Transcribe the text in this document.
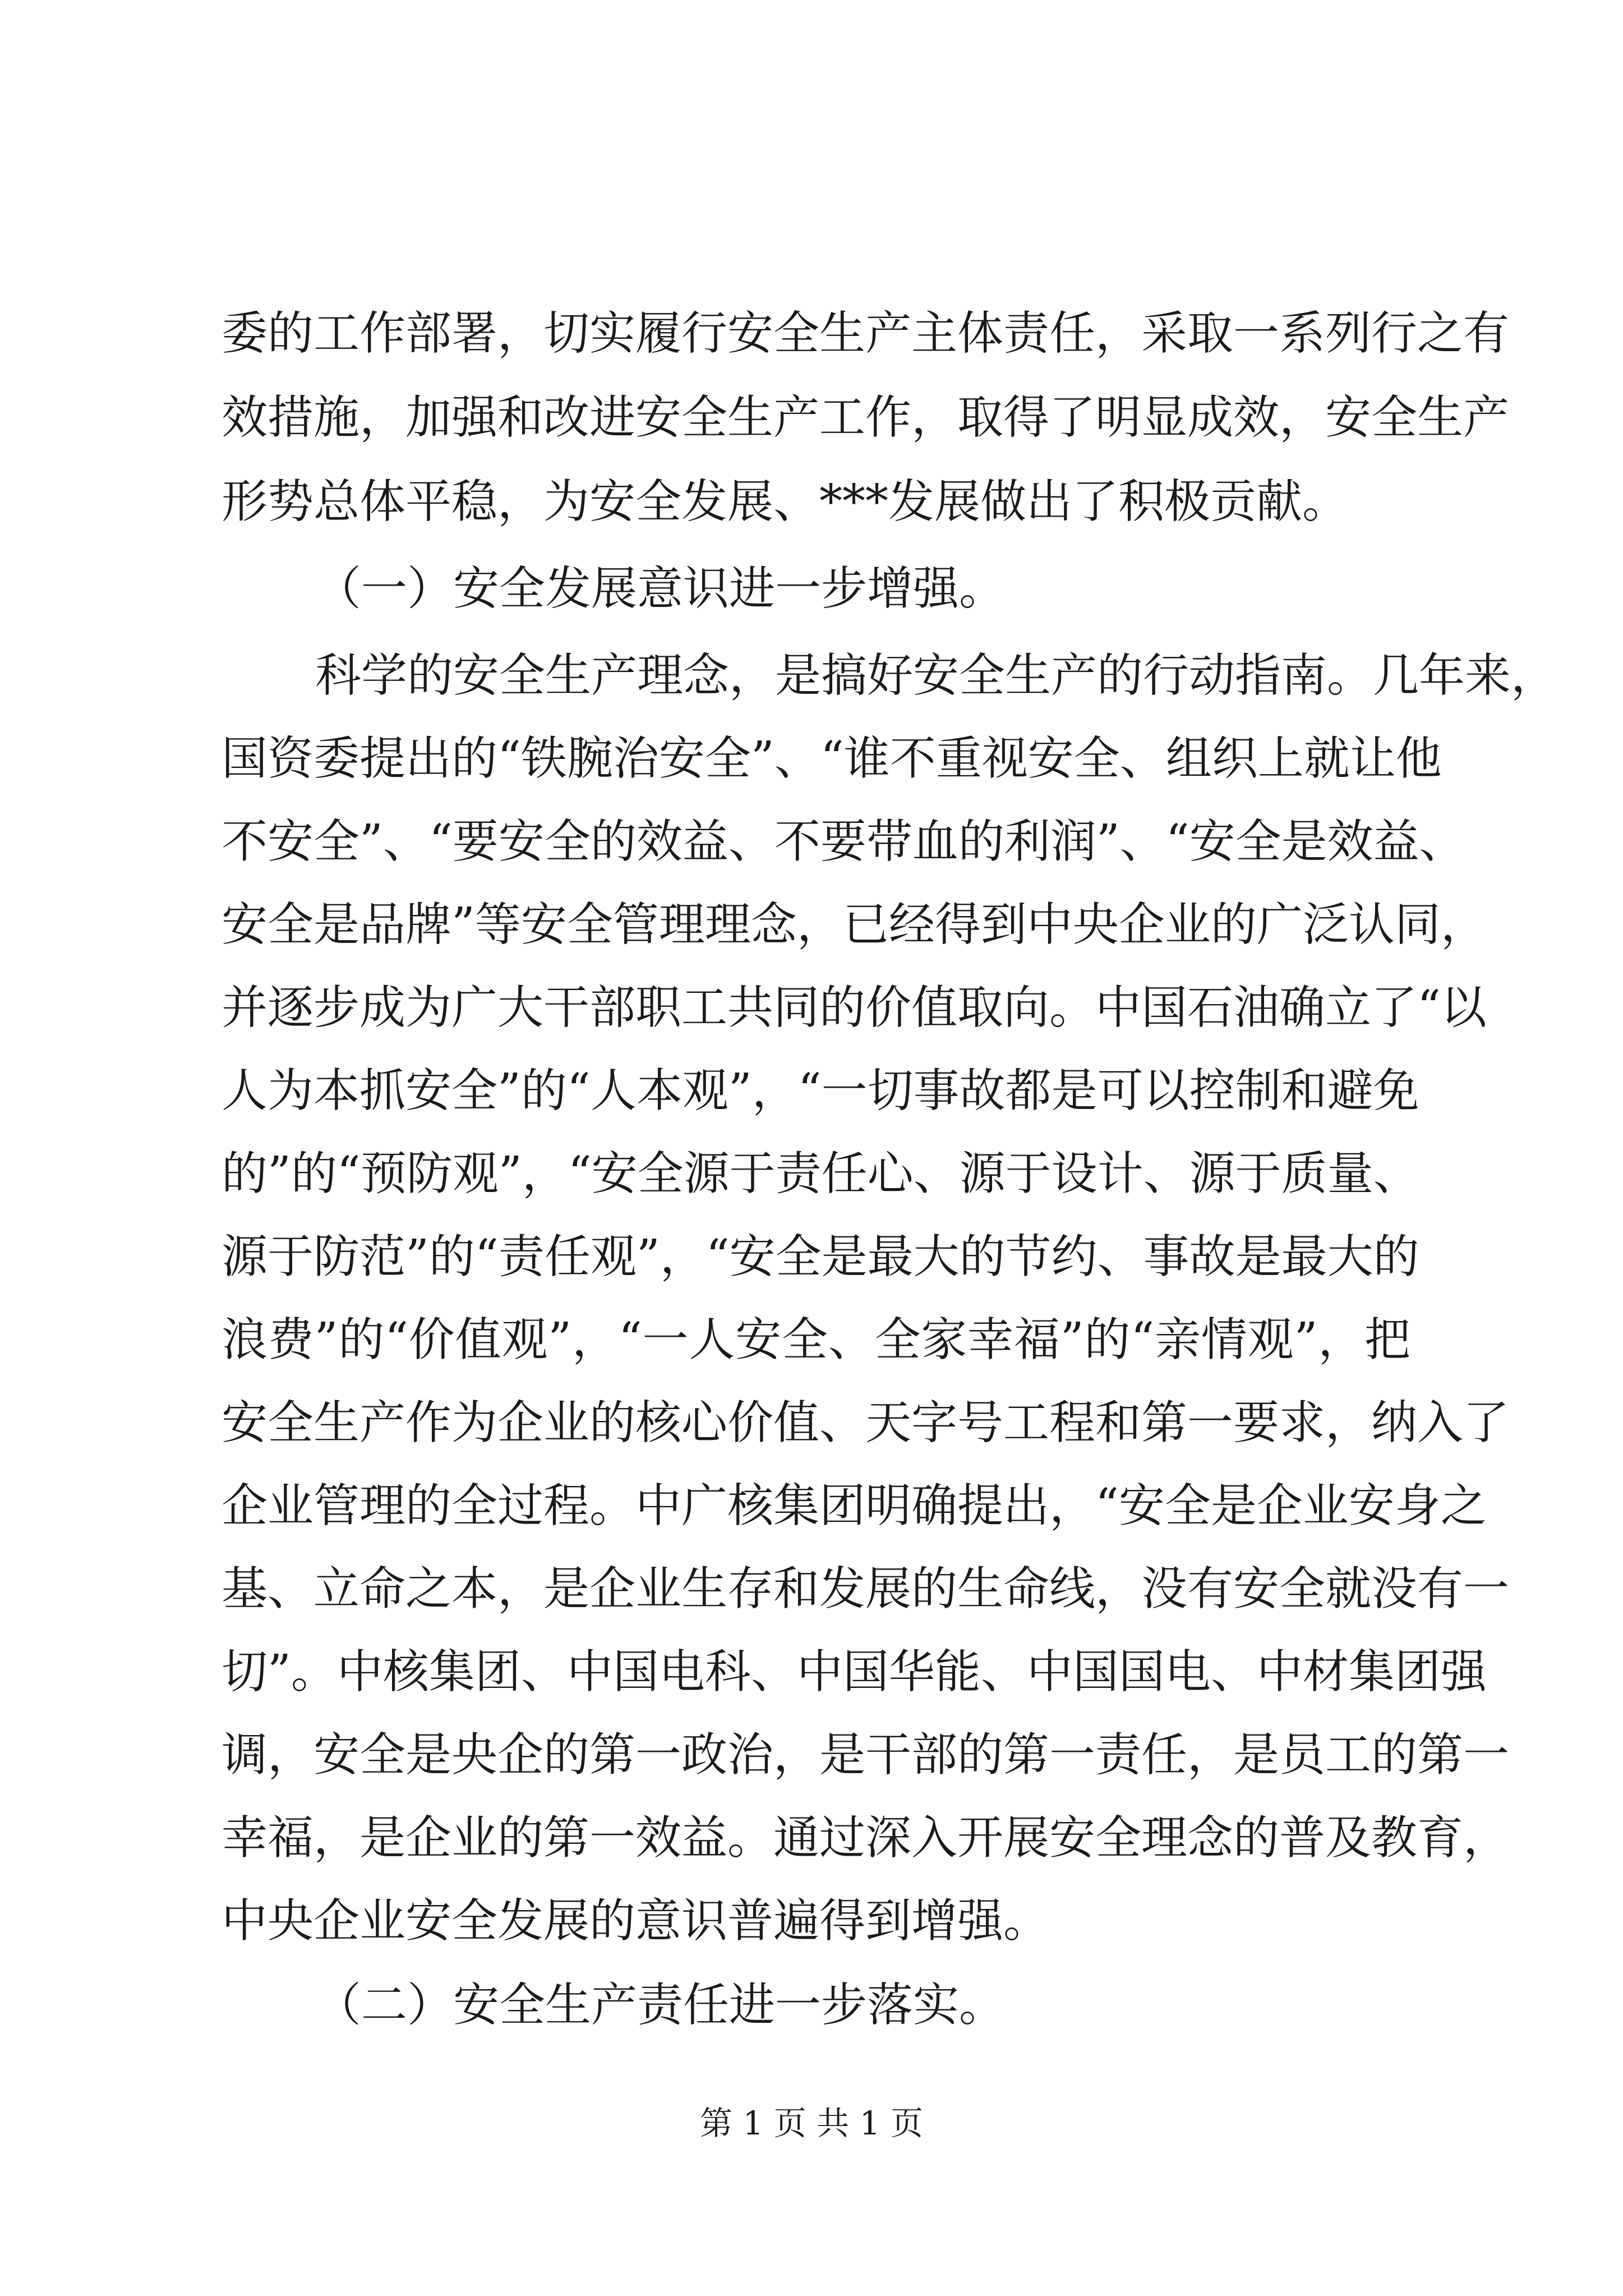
委的工作部署，切实履行安全生产主体责任，采取一系列行之有
效措施，加强和改进安全生产工作，取得了明显成效，安全生产
形势总体平稳，为安全发展、***发展做出了积极贡献。
（一）安全发展意识进一步增强。
科学的安全生产理念，是搞好安全生产的行动指南。几年来，
国资委提出的“铁腕治安全”、“谁不重视安全、组织上就让他
不安全”、“要安全的效益、不要带血的利润”、“安全是效益、
安全是品牌”等安全管理理念，已经得到中央企业的广泛认同，
并逐步成为广大干部职工共同的价值取向。中国石油确立了“以
人为本抓安全”的“人本观”，“一切事故都是可以控制和避免
的”的“预防观”，“安全源于责任心、源于设计、源于质量、
源于防范”的“责任观”，“安全是最大的节约、事故是最大的
浪费”的“价值观”，“一人安全、全家幸福”的“亲情观”，把
安全生产作为企业的核心价值、天字号工程和第一要求，纳入了
企业管理的全过程。中广核集团明确提出，“安全是企业安身之
基、立命之本，是企业生存和发展的生命线，没有安全就没有一
切”。中核集团、中国电科、中国华能、中国国电、中材集团强
调，安全是央企的第一政治，是干部的第一责任，是员工的第一
幸福，是企业的第一效益。通过深入开展安全理念的普及教育，
中央企业安全发展的意识普遍得到增强。
（二）安全生产责任进一步落实。
第 1 页 共 1 页
